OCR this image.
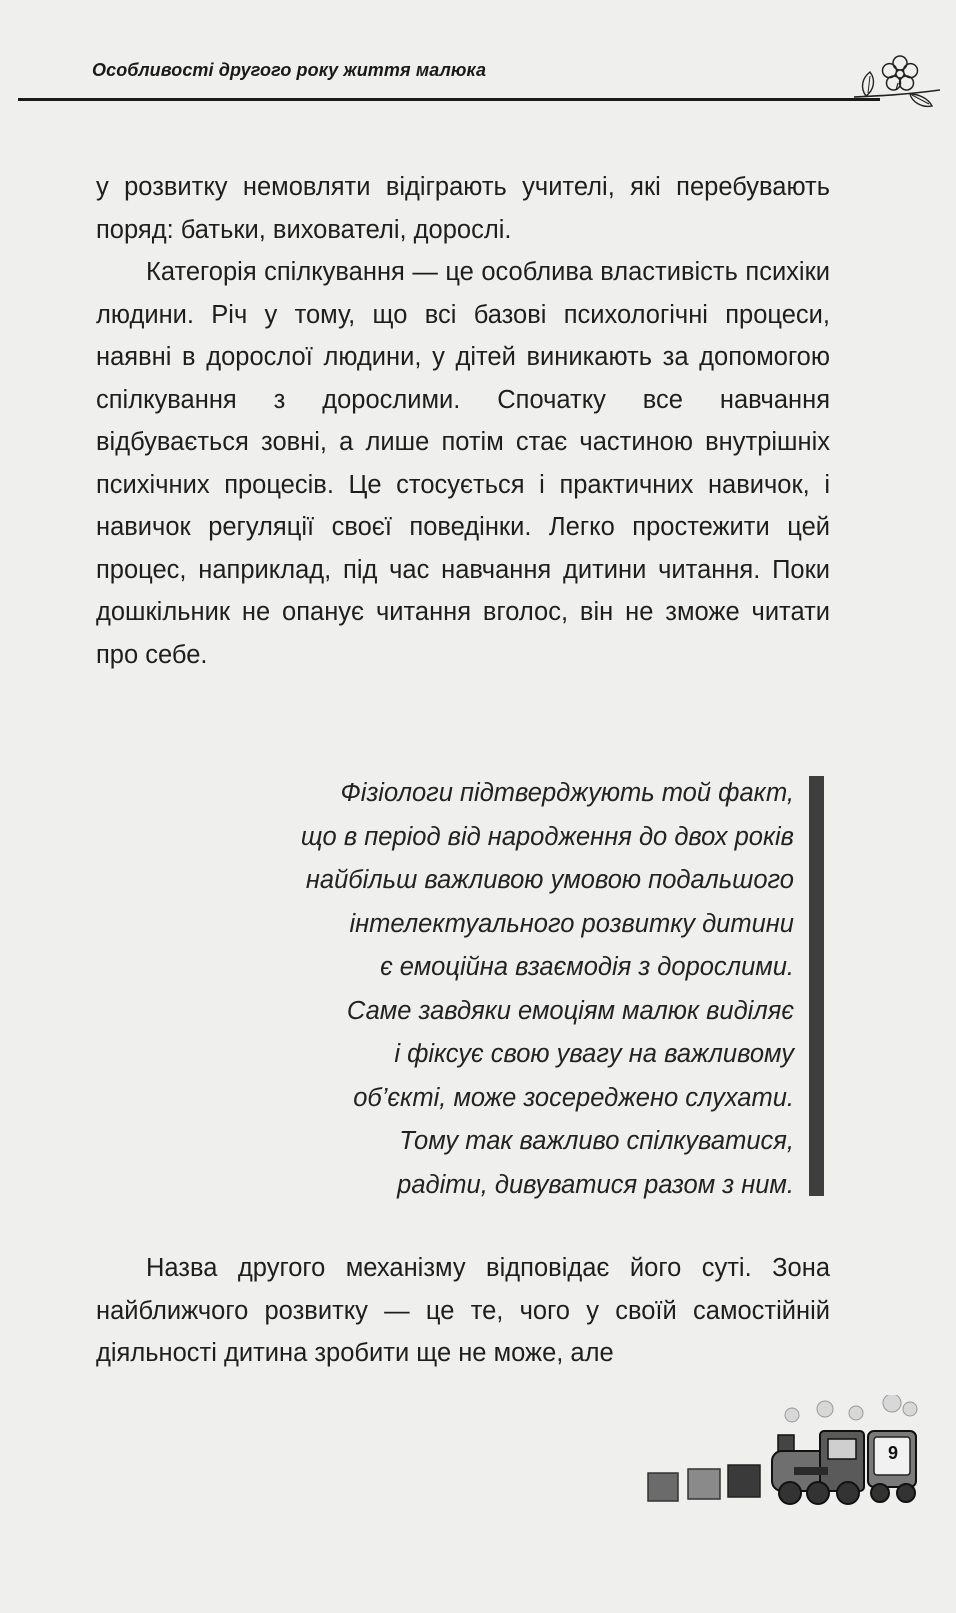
Особливості другого року життя малюка

у розвитку немовляти відіграють учителі, які перебувають поряд: батьки, вихователі, дорослі.

Категорія спілкування — це особлива властивість психіки людини. Річ у тому, що всі базові психологічні процеси, наявні в дорослої людини, у дітей виникають за допомогою спілкування з дорослими. Спочатку все навчання відбувається зовні, а лише потім стає частиною внутрішніх психічних процесів. Це стосується і практичних навичок, і навичок регуляції своєї поведінки. Легко простежити цей процес, наприклад, під час навчання дитини читання. Поки дошкільник не опанує читання вголос, він не зможе читати про себе.

Фізіологи підтверджують той факт,
що в період від народження до двох років
найбільш важливою умовою подальшого
інтелектуального розвитку дитини
є емоційна взаємодія з дорослими.
Саме завдяки емоціям малюк виділяє
і фіксує свою увагу на важливому
об’єкті, може зосереджено слухати.
Тому так важливо спілкуватися,
радіти, дивуватися разом з ним.

Назва другого механізму відповідає його суті. Зона найближчого розвитку — це те, чого у своїй самостійній діяльності дитина зробити ще не може, але

9
